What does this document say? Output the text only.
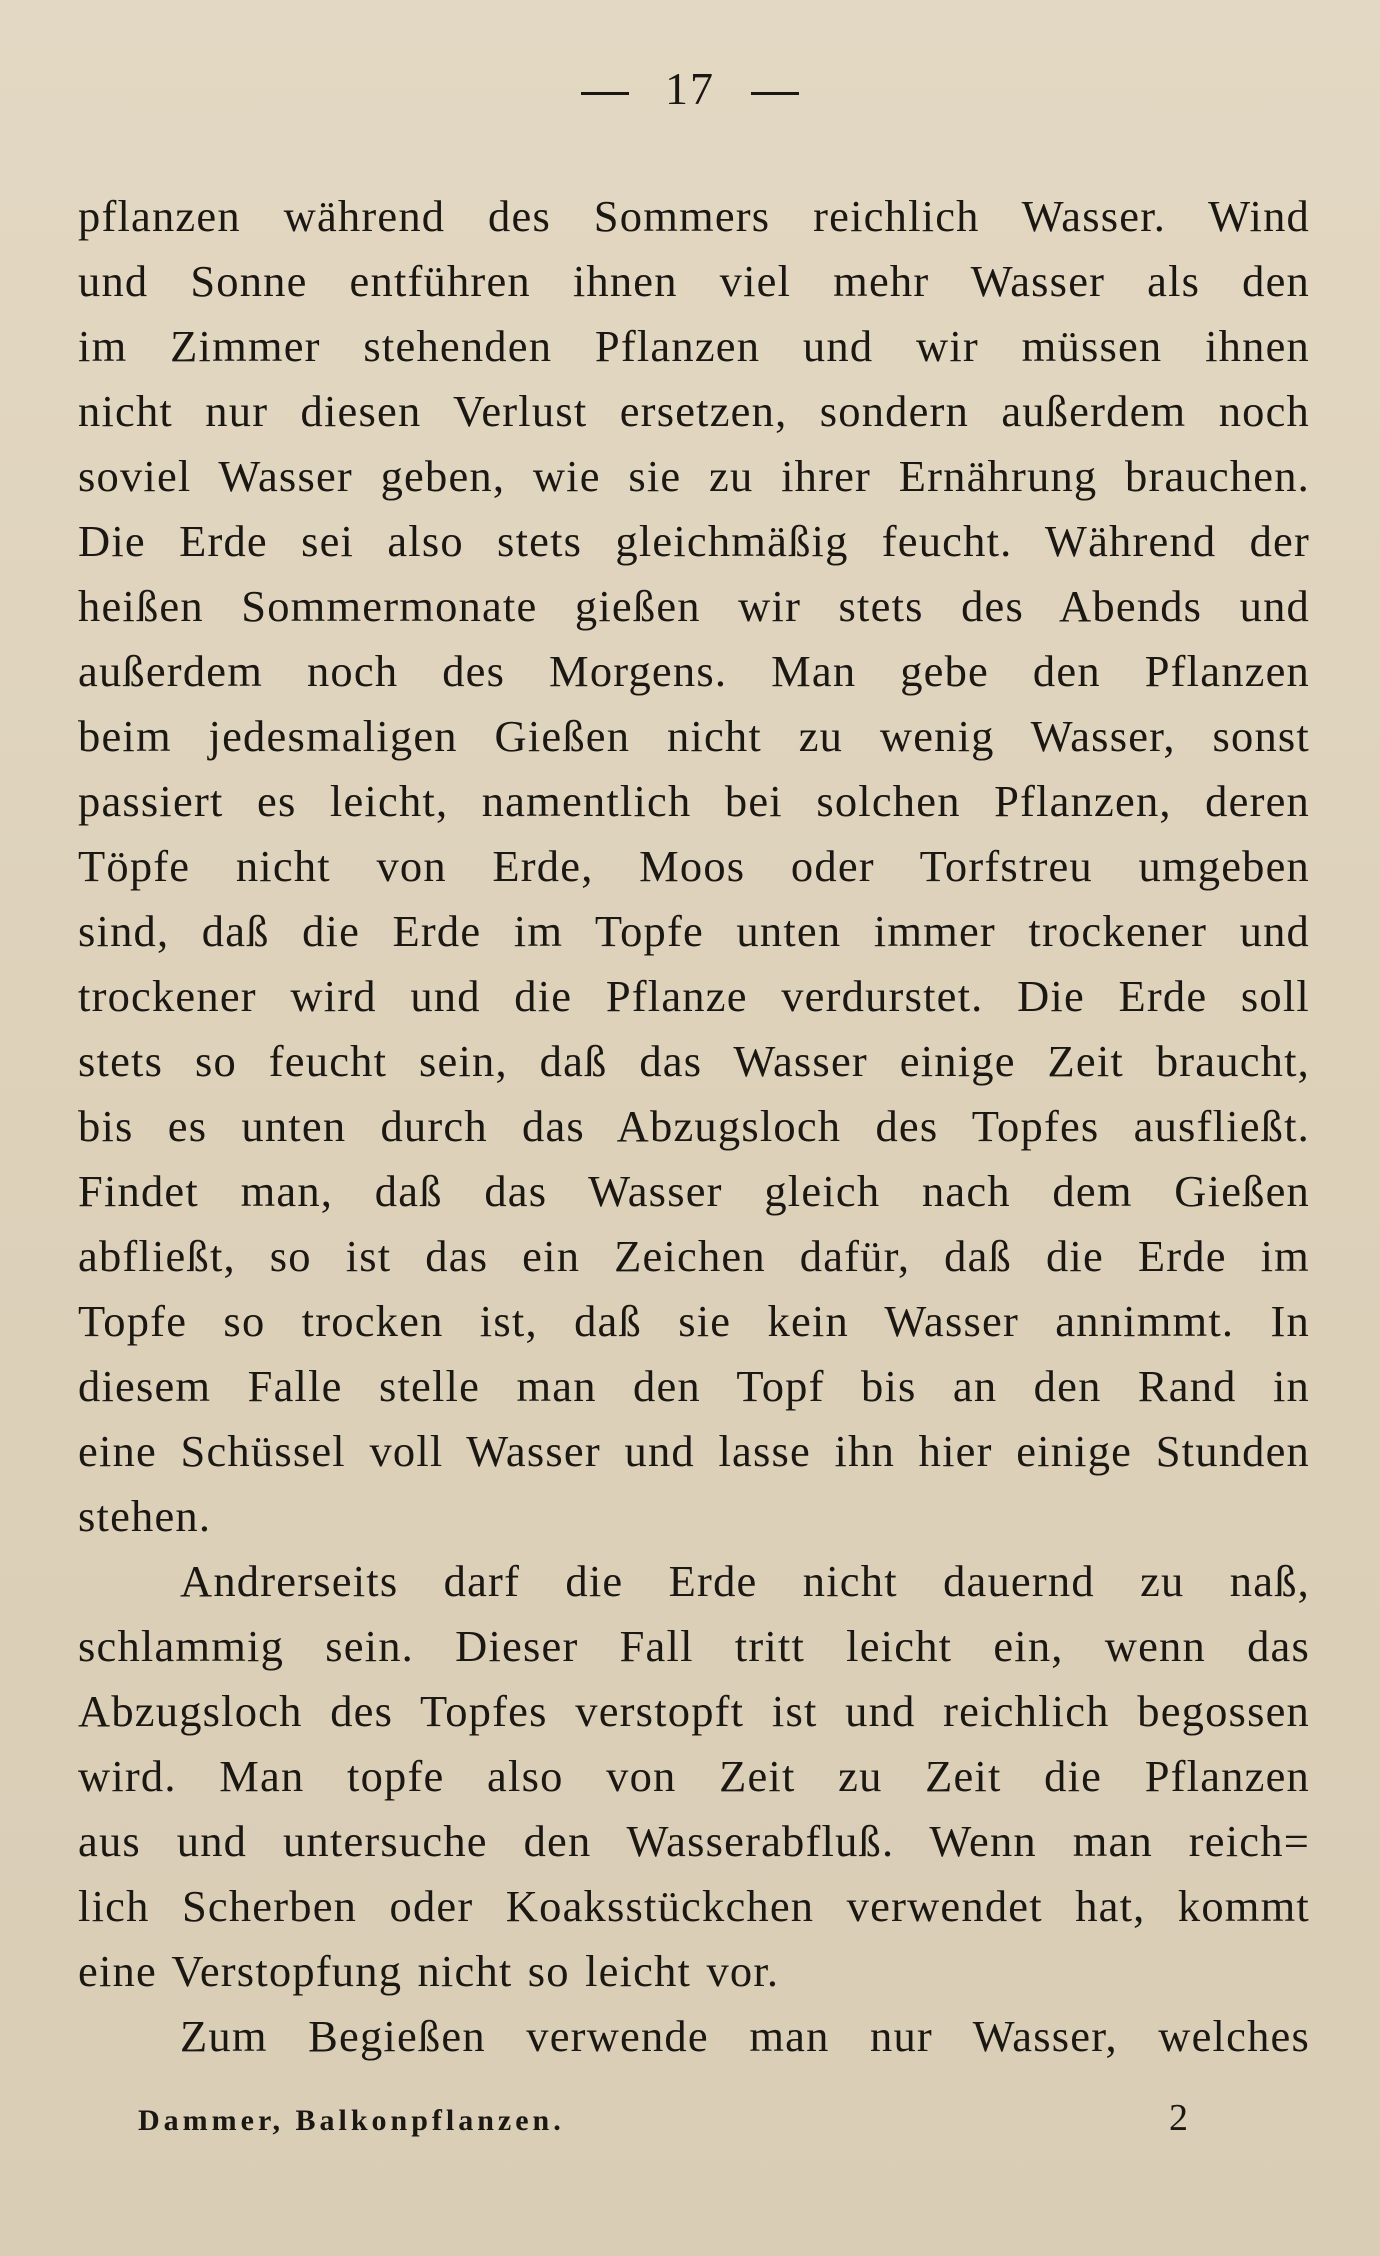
17
pflanzen während des Sommers reichlich Wasser. Wind
und Sonne entführen ihnen viel mehr Wasser als den
im Zimmer stehenden Pflanzen und wir müssen ihnen
nicht nur diesen Verlust ersetzen, sondern außerdem noch
soviel Wasser geben, wie sie zu ihrer Ernährung brauchen.
Die Erde sei also stets gleichmäßig feucht. Während der
heißen Sommermonate gießen wir stets des Abends und
außerdem noch des Morgens. Man gebe den Pflanzen
beim jedesmaligen Gießen nicht zu wenig Wasser, sonst
passiert es leicht, namentlich bei solchen Pflanzen, deren
Töpfe nicht von Erde, Moos oder Torfstreu umgeben
sind, daß die Erde im Topfe unten immer trockener und
trockener wird und die Pflanze verdurstet. Die Erde soll
stets so feucht sein, daß das Wasser einige Zeit braucht,
bis es unten durch das Abzugsloch des Topfes ausfließt.
Findet man, daß das Wasser gleich nach dem Gießen
abfließt, so ist das ein Zeichen dafür, daß die Erde im
Topfe so trocken ist, daß sie kein Wasser annimmt. In
diesem Falle stelle man den Topf bis an den Rand in
eine Schüssel voll Wasser und lasse ihn hier einige Stunden
stehen.
Andrerseits darf die Erde nicht dauernd zu naß,
schlammig sein. Dieser Fall tritt leicht ein, wenn das
Abzugsloch des Topfes verstopft ist und reichlich begossen
wird. Man topfe also von Zeit zu Zeit die Pflanzen
aus und untersuche den Wasserabfluß. Wenn man reich=
lich Scherben oder Koaksstückchen verwendet hat, kommt
eine Verstopfung nicht so leicht vor.
Zum Begießen verwende man nur Wasser, welches
Dammer, Balkonpflanzen.	2
